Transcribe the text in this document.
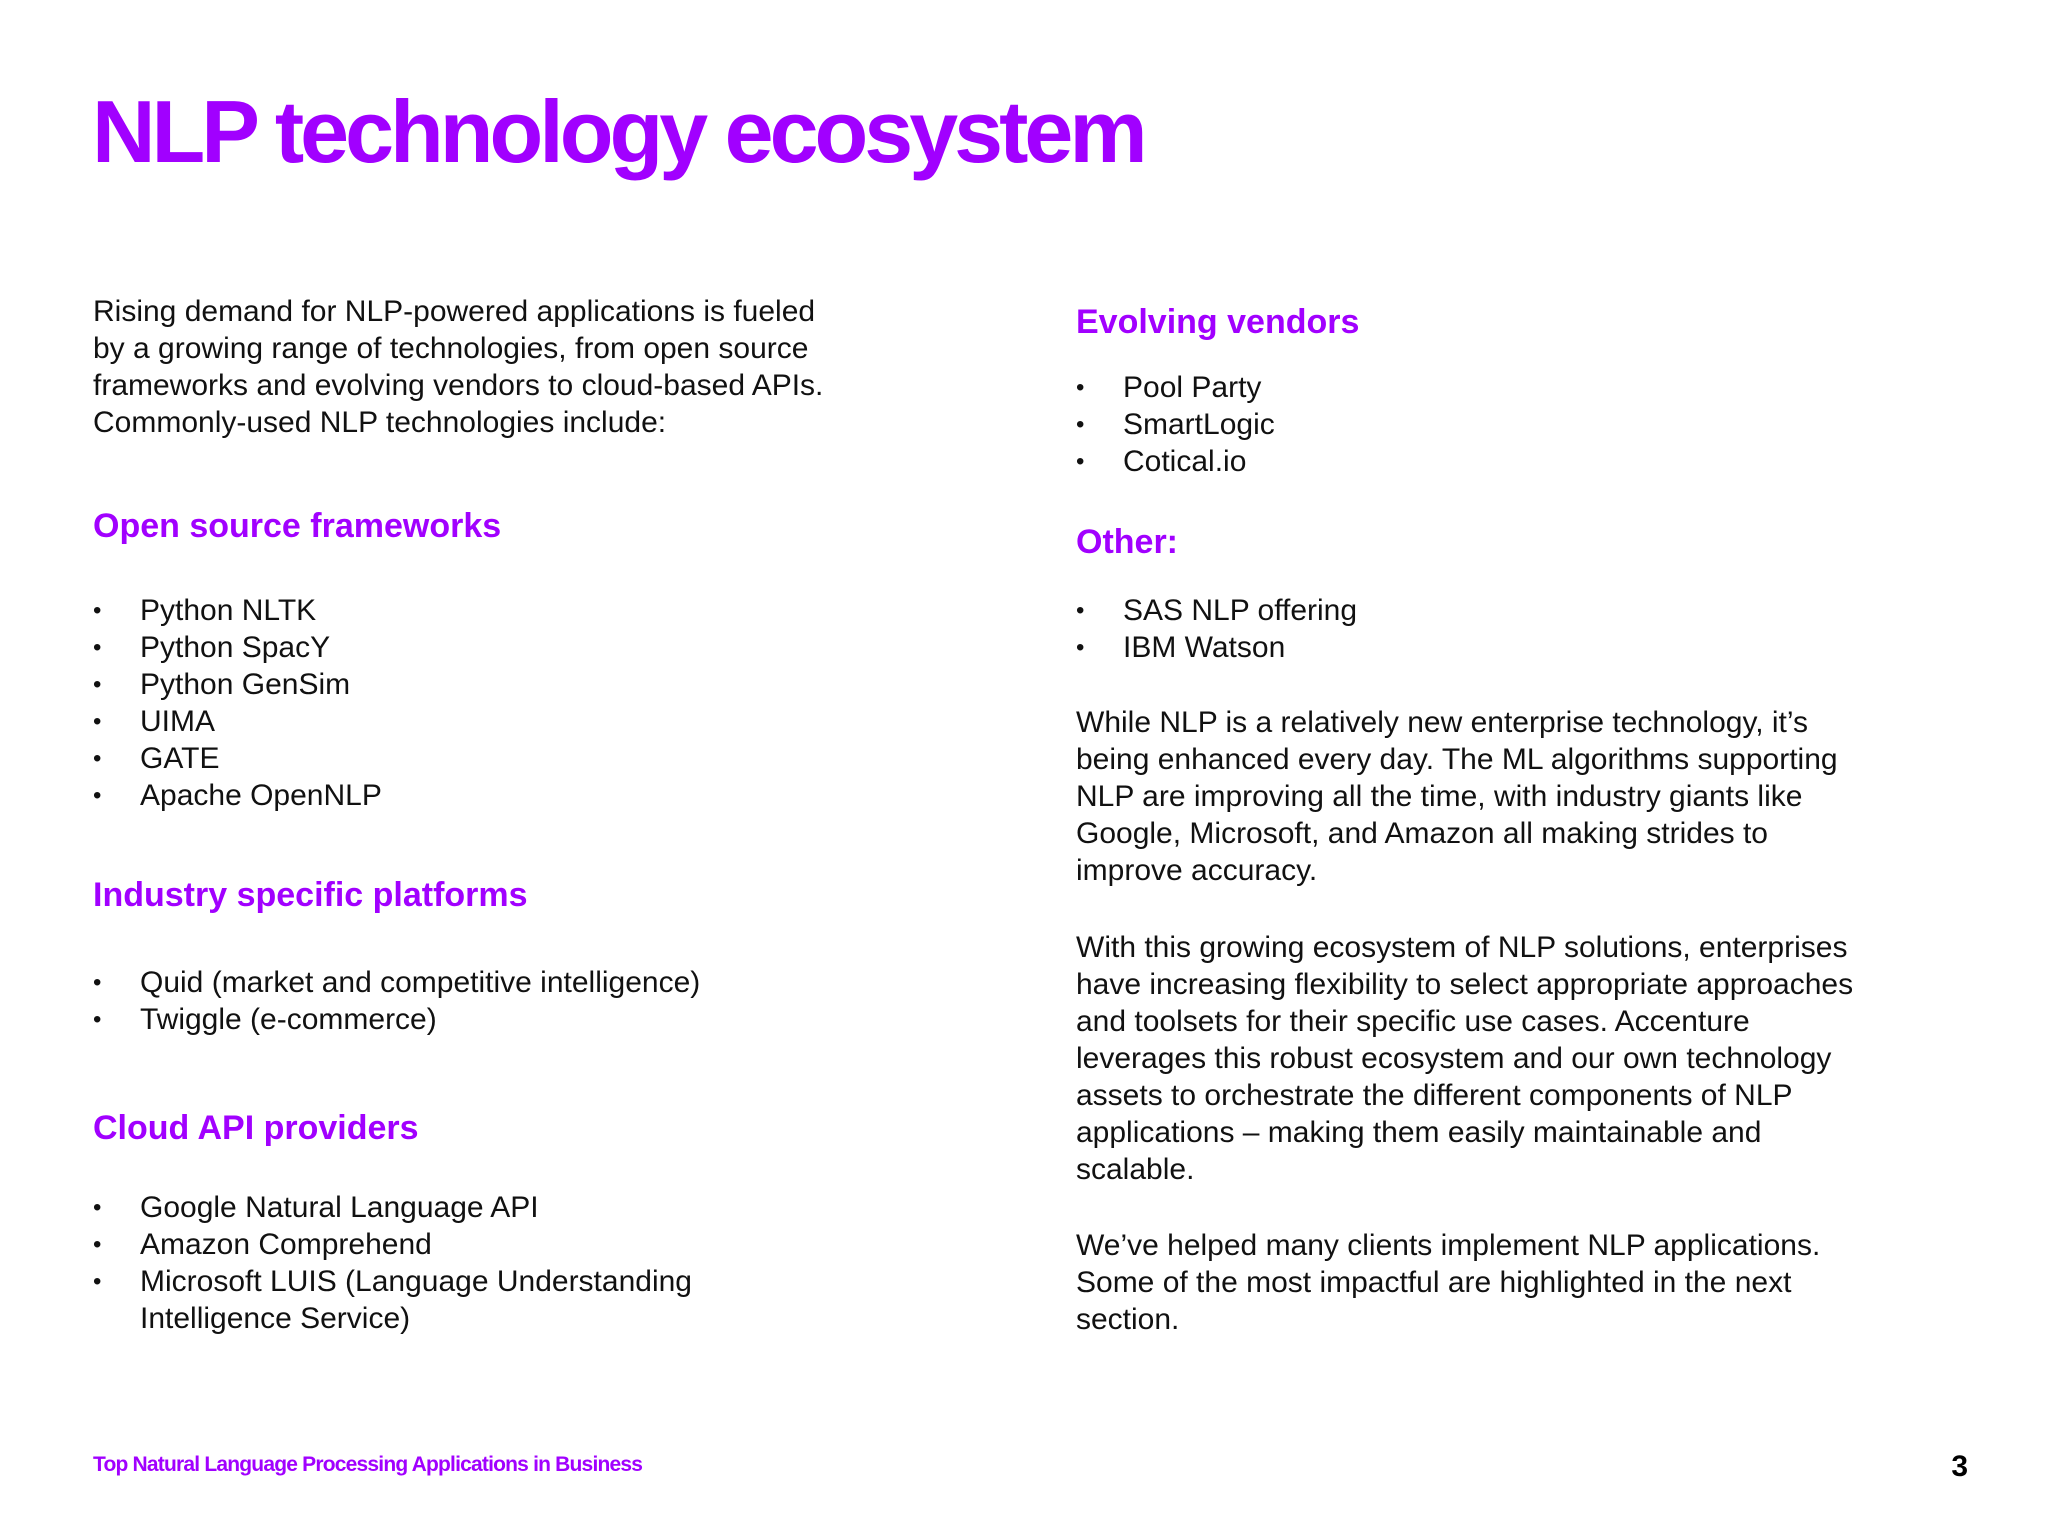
NLP technology ecosystem

Rising demand for NLP-powered applications is fueled
by a growing range of technologies, from open source
frameworks and evolving vendors to cloud-based APIs.
Commonly-used NLP technologies include:

Open source frameworks
• Python NLTK
• Python SpacY
• Python GenSim
• UIMA
• GATE
• Apache OpenNLP
Industry specific platforms
• Quid (market and competitive intelligence)
• Twiggle (e-commerce)
Cloud API providers
• Google Natural Language API
• Amazon Comprehend
• Microsoft LUIS (Language Understanding
Intelligence Service)
Evolving vendors
• Pool Party
• SmartLogic
• Cotical.io
Other:
• SAS NLP offering
• IBM Watson

While NLP is a relatively new enterprise technology, it’s
being enhanced every day. The ML algorithms supporting
NLP are improving all the time, with industry giants like
Google, Microsoft, and Amazon all making strides to
improve accuracy.

With this growing ecosystem of NLP solutions, enterprises
have increasing flexibility to select appropriate approaches
and toolsets for their specific use cases. Accenture
leverages this robust ecosystem and our own technology
assets to orchestrate the different components of NLP
applications – making them easily maintainable and
scalable.

We’ve helped many clients implement NLP applications.
Some of the most impactful are highlighted in the next
section.

Top Natural Language Processing Applications in Business	3
